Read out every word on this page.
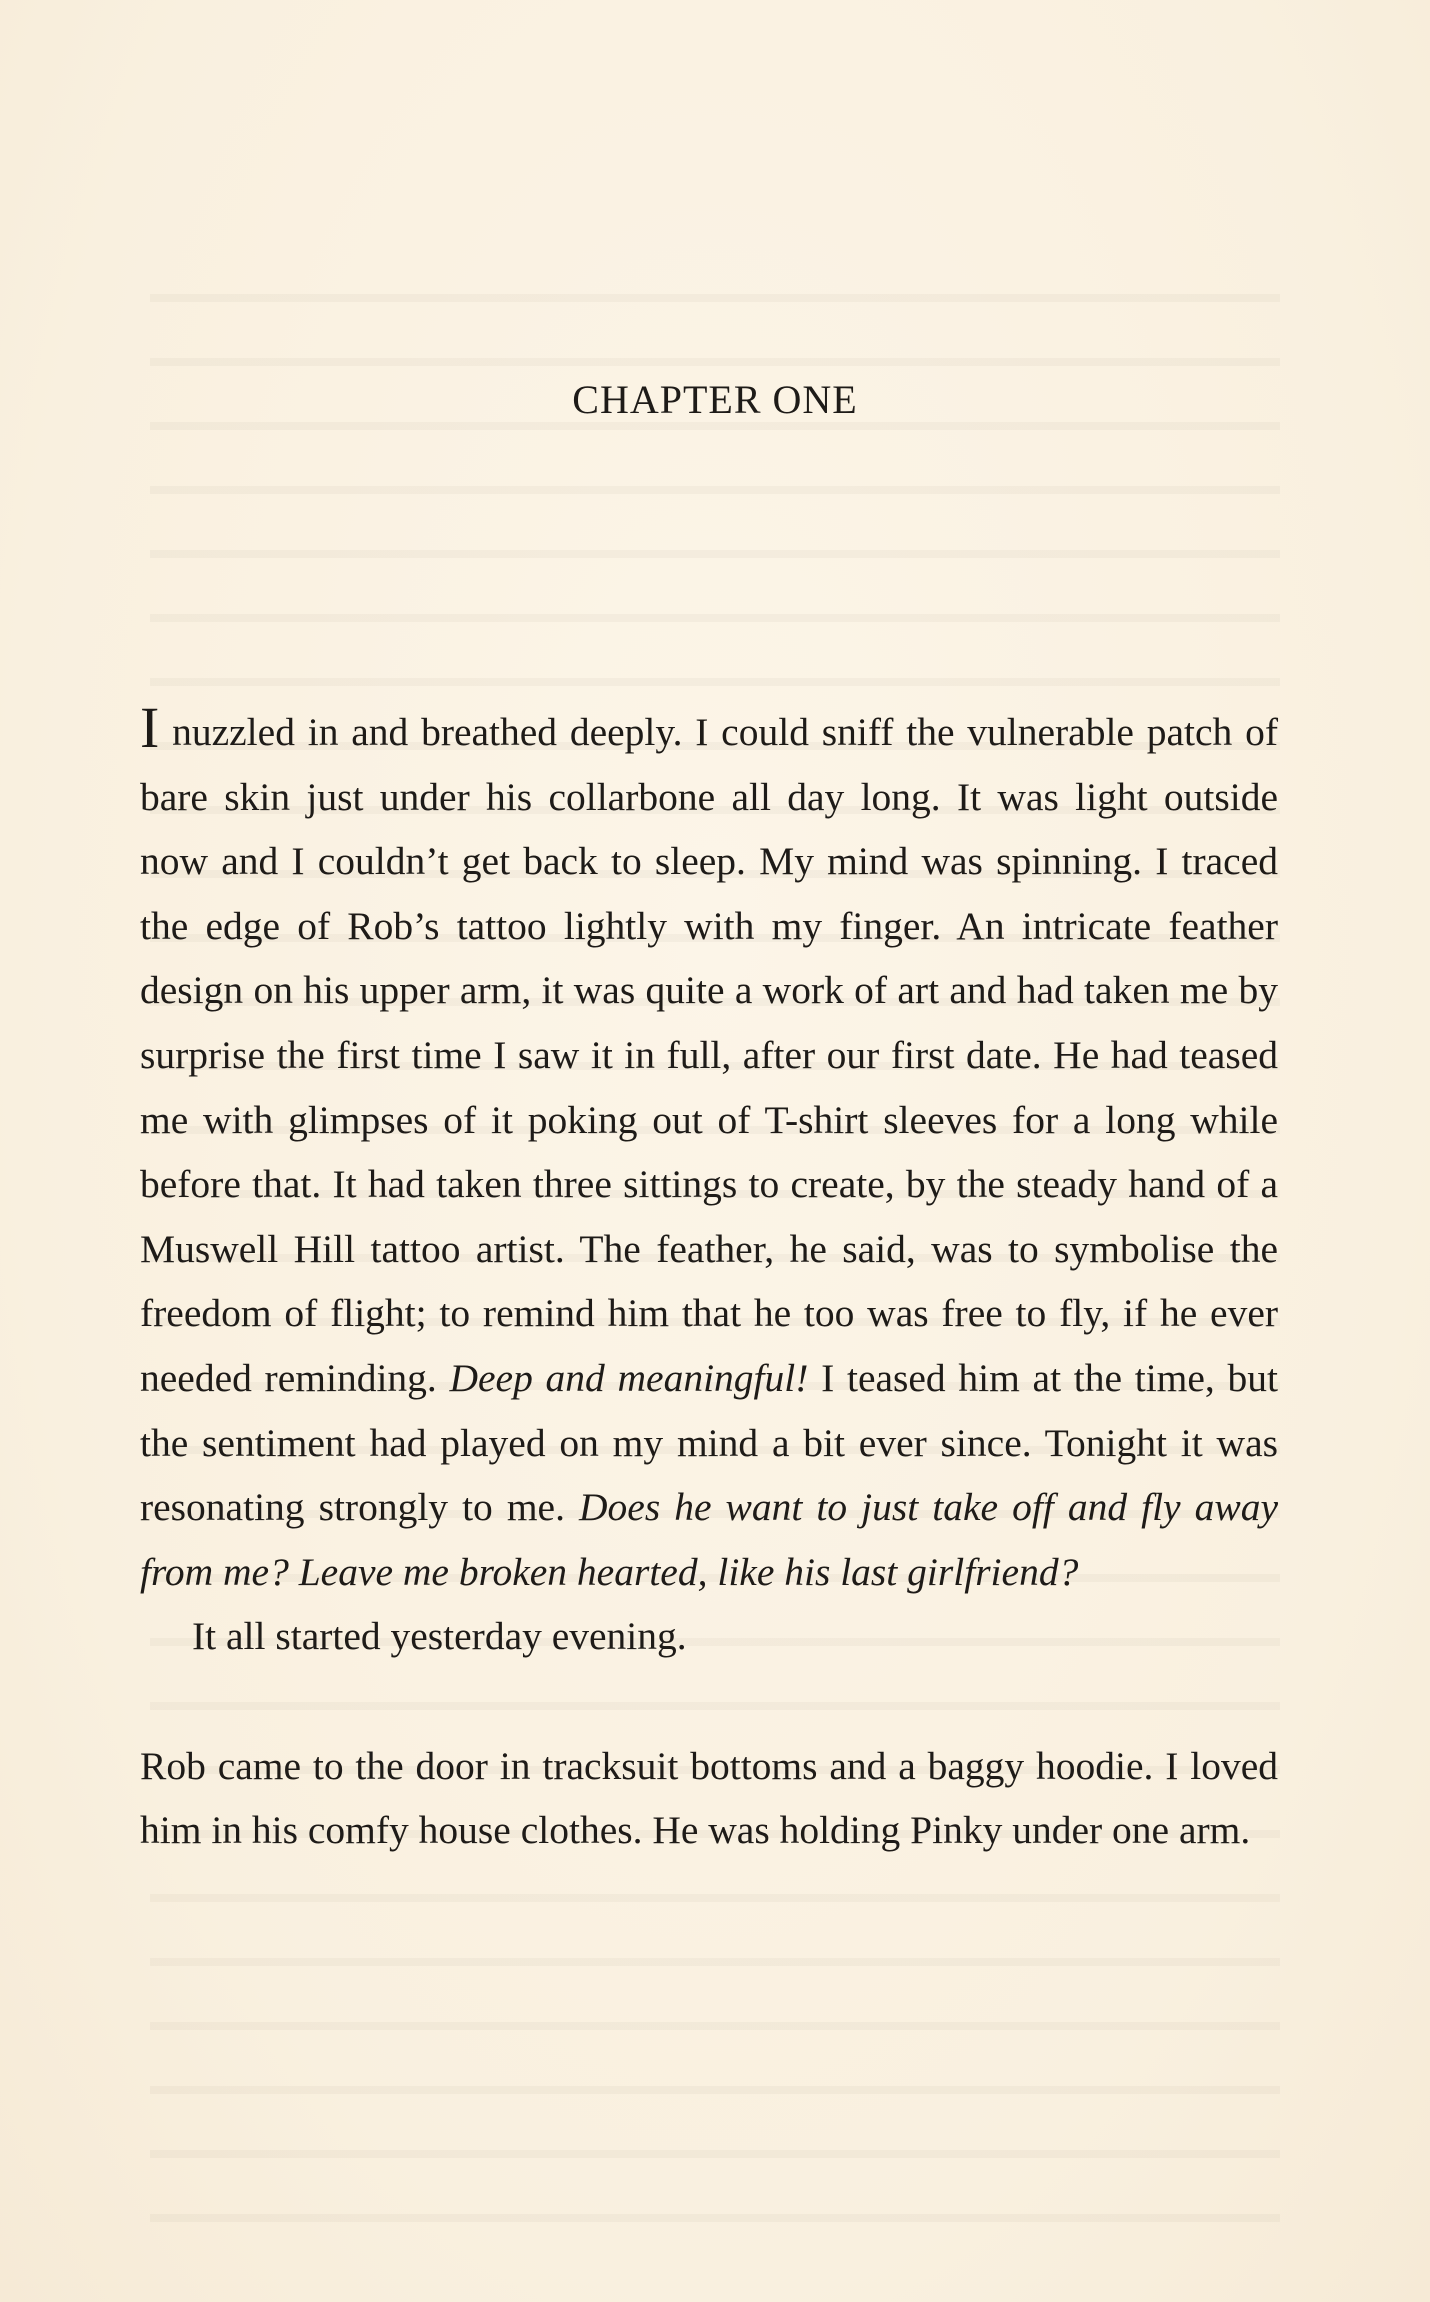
CHAPTER ONE

I nuzzled in and breathed deeply. I could sniff the vulnerable patch of bare skin just under his collarbone all day long. It was light outside now and I couldn’t get back to sleep. My mind was spinning. I traced the edge of Rob’s tattoo lightly with my finger. An intricate feather design on his upper arm, it was quite a work of art and had taken me by surprise the first time I saw it in full, after our first date. He had teased me with glimpses of it poking out of T-shirt sleeves for a long while before that. It had taken three sittings to create, by the steady hand of a Muswell Hill tattoo artist. The feather, he said, was to symbolise the freedom of flight; to remind him that he too was free to fly, if he ever needed reminding. Deep and meaningful! I teased him at the time, but the sentiment had played on my mind a bit ever since. Tonight it was resonating strongly to me. Does he want to just take off and fly away from me? Leave me broken hearted, like his last girlfriend?

It all started yesterday evening.

Rob came to the door in tracksuit bottoms and a baggy hoodie. I loved him in his comfy house clothes. He was holding Pinky under one arm.
